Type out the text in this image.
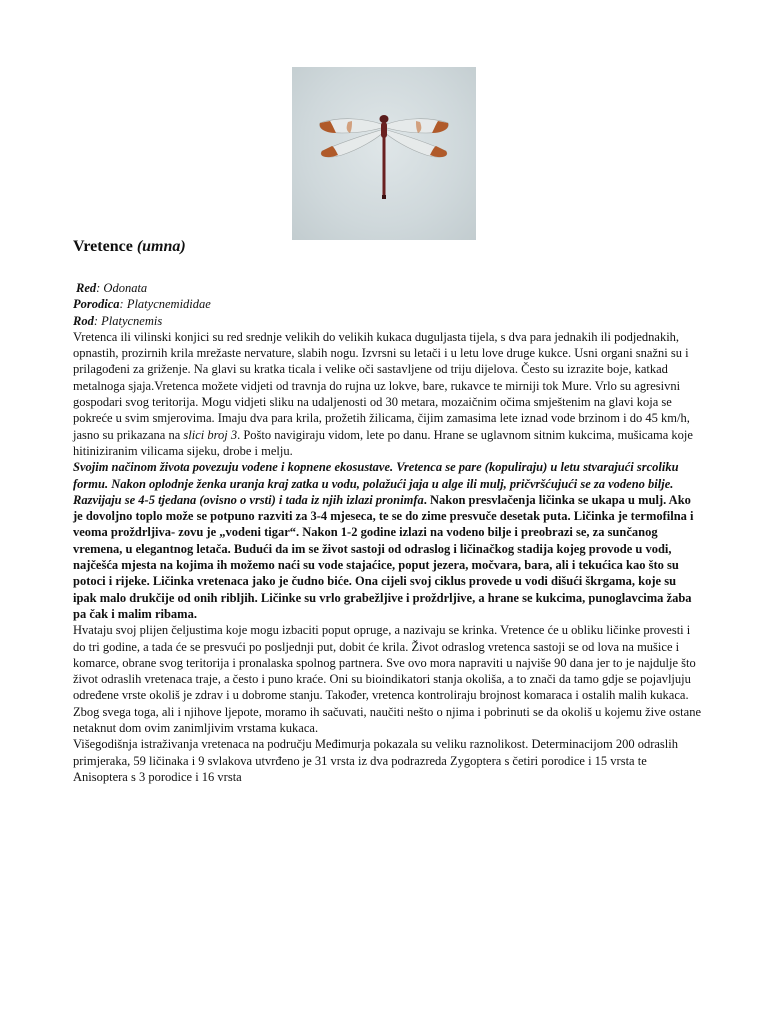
Vretence (umna)

Red: Odonata

Porodica: Platycnemididae

Rod: Platycnemis

Vretenca ili vilinski konjici su red srednje velikih do velikih kukaca duguljasta tijela, s dva para jednakih ili podjednakih, opnastih, prozirnih krila mrežaste nervature, slabih nogu. Izvrsni su letači i u letu love druge kukce. Usni organi snažni su i prilagođeni za griženje. Na glavi su kratka ticala i velike oči sastavljene od triju dijelova. Često su izrazite boje, katkad metalnoga sjaja.Vretenca možete vidjeti od travnja do rujna uz lokve, bare, rukavce te mirniji tok Mure. Vrlo su agresivni gospodari svog teritorija. Mogu vidjeti sliku na udaljenosti od 30 metara, mozaičnim očima smještenim na glavi koja se pokreće u svim smjerovima. Imaju dva para krila, prožetih žilicama, čijim zamasima lete iznad vode brzinom i do 45 km/h, jasno su prikazana na slici broj 3. Pošto navigiraju vidom, lete po danu. Hrane se uglavnom sitnim kukcima, mušicama koje hitiniziranim vilicama sijeku, drobe i melju.

Svojim načinom života povezuju vodene i kopnene ekosustave. Vretenca se pare (kopuliraju) u letu stvarajući srcoliku formu. Nakon oplodnje ženka uranja kraj zatka u vodu, polažući jaja u alge ili mulj, pričvršćujući se za vodeno bilje. Razvijaju se 4-5 tjedana (ovisno o vrsti) i tada iz njih izlazi pronimfa. Nakon presvlačenja ličinka se ukapa u mulj. Ako je dovoljno toplo može se potpuno razviti za 3-4 mjeseca, te se do zime presvuče desetak puta. Ličinka je termofilna i veoma proždrljiva- zovu je „vodeni tigar“. Nakon 1-2 godine izlazi na vodeno bilje i preobrazi se, za sunčanog vremena, u elegantnog letača. Budući da im se život sastoji od odraslog i ličinačkog stadija kojeg provode u vodi, najčešća mjesta na kojima ih možemo naći su vode stajaćice, poput jezera, močvara, bara, ali i tekućica kao što su potoci i rijeke. Ličinka vretenaca jako je čudno biće. Ona cijeli svoj ciklus provede u vodi dišući škrgama, koje su ipak malo drukčije od onih ribljih. Ličinke su vrlo grabežljive i proždrljive, a hrane se kukcima, punoglavcima žaba pa čak i malim ribama.

Hvataju svoj plijen čeljustima koje mogu izbaciti poput opruge, a nazivaju se krinka. Vretence će u obliku ličinke provesti i do tri godine, a tada će se presvući po posljednji put, dobit će krila. Život odraslog vretenca sastoji se od lova na mušice i komarce, obrane svog teritorija i pronalaska spolnog partnera. Sve ovo mora napraviti u najviše 90 dana jer to je najdulje što život odraslih vretenaca traje, a često i puno kraće. Oni su bioindikatori stanja okoliša, a to znači da tamo gdje se pojavljuju određene vrste okoliš je zdrav i u dobrome stanju. Također, vretenca kontroliraju brojnost komaraca i ostalih malih kukaca. Zbog svega toga, ali i njihove ljepote, moramo ih sačuvati, naučiti nešto o njima i pobrinuti se da okoliš u kojemu žive ostane netaknut dom ovim zanimljivim vrstama kukaca.

Višegodišnja istraživanja vretenaca na području Međimurja pokazala su veliku raznolikost. Determinacijom 200 odraslih primjeraka, 59 ličinaka i 9 svlakova utvrđeno je 31 vrsta iz dva podrazreda Zygoptera s četiri porodice i 15 vrsta te Anisoptera s 3 porodice i 16 vrsta
